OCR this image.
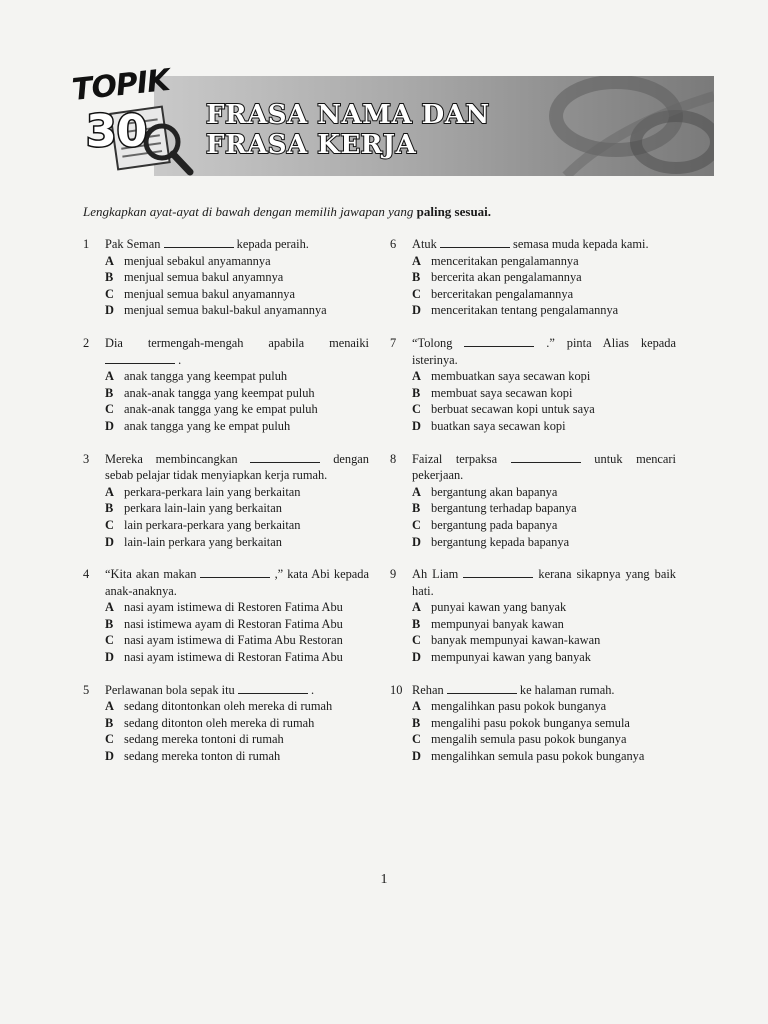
TOPIK
30 FRASA NAMA DAN
FRASA KERJA
Lengkapkan ayat-ayat di bawah dengan memilih jawapan yang paling sesuai.
1	Pak Seman	kepada peraih.
A menjual sebakul anyamannya
B menjual semua bakul anyamnya
C menjual semua bakul anyamannya
D menjual semua bakul-bakul anyamannya
2	Dia termengah-mengah apabila menaiki  .
A anak tangga yang keempat puluh
B anak-anak tangga yang keempat puluh
C anak-anak tangga yang ke empat puluh
D anak tangga yang ke empat puluh
3	Mereka membincangkan	dengan sebab pelajar tidak menyiapkan kerja rumah.
A perkara-perkara lain yang berkaitan
B perkara lain-lain yang berkaitan
C lain perkara-perkara yang berkaitan
D lain-lain perkara yang berkaitan
4	“Kita akan makan	,” kata Abi kepada anak-anaknya.
A nasi ayam istimewa di Restoren Fatima Abu
B nasi istimewa ayam di Restoran Fatima Abu
C nasi ayam istimewa di Fatima Abu Restoran
D nasi ayam istimewa di Restoran Fatima Abu
5	Perlawanan bola sepak itu	.
A sedang ditontonkan oleh mereka di rumah
B sedang ditonton oleh mereka di rumah
C sedang mereka tontoni di rumah
D sedang mereka tonton di rumah
6	Atuk	semasa muda kepada kami.
A menceritakan pengalamannya
B bercerita akan pengalamannya
C berceritakan pengalamannya
D menceritakan tentang pengalamannya
7	“Tolong	.” pinta Alias kepada isterinya.
A membuatkan saya secawan kopi
B membuat saya secawan kopi
C berbuat secawan kopi untuk saya
D buatkan saya secawan kopi
8	Faizal terpaksa	untuk mencari pekerjaan.
A bergantung akan bapanya
B bergantung terhadap bapanya
C bergantung pada bapanya
D bergantung kepada bapanya
9	Ah Liam	kerana sikapnya yang baik hati.
A punyai kawan yang banyak
B mempunyai banyak kawan
C banyak mempunyai kawan-kawan
D mempunyai kawan yang banyak
10 Rehan	ke halaman rumah.
A mengalihkan pasu pokok bunganya
B mengalihi pasu pokok bunganya semula
C mengalih semula pasu pokok bunganya
D mengalihkan semula pasu pokok bunganya
1
